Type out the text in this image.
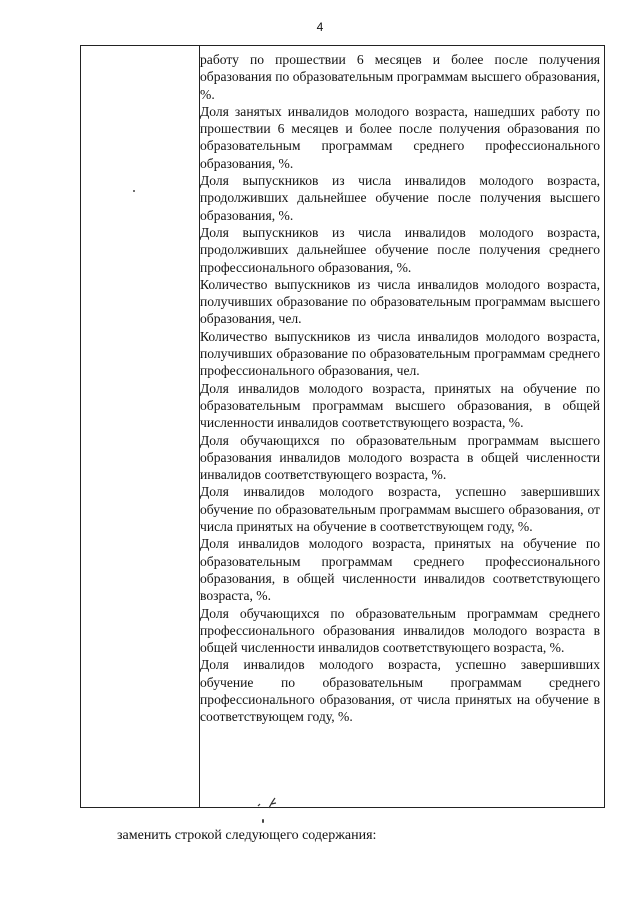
4

работу по прошествии 6 месяцев и более после получения образования по образовательным программам высшего образования, %.

Доля занятых инвалидов молодого возраста, нашедших работу по прошествии 6 месяцев и более после получения образования по образовательным программам среднего профессионального образования, %.

Доля выпускников из числа инвалидов молодого возраста, продолживших дальнейшее обучение после получения высшего образования, %.

Доля выпускников из числа инвалидов молодого возраста, продолживших дальнейшее обучение после получения среднего профессионального образования, %.

Количество выпускников из числа инвалидов молодого возраста, получивших образование по образовательным программам высшего образования, чел.

Количество выпускников из числа инвалидов молодого возраста, получивших образование по образовательным программам среднего профессионального образования, чел.

Доля инвалидов молодого возраста, принятых на обучение по образовательным программам высшего образования, в общей численности инвалидов соответствующего возраста, %.

Доля обучающихся по образовательным программам высшего образования инвалидов молодого возраста в общей численности инвалидов соответствующего возраста, %.

Доля инвалидов молодого возраста, успешно завершивших обучение по образовательным программам высшего образования, от числа принятых на обучение в соответствующем году, %.

Доля инвалидов молодого возраста, принятых на обучение по образовательным программам среднего профессионального образования, в общей численности инвалидов соответствующего возраста, %.

Доля обучающихся по образовательным программам среднего профессионального образования инвалидов молодого возраста в общей численности инвалидов соответствующего возраста, %.

Доля инвалидов молодого возраста, успешно завершивших обучение по образовательным программам среднего профессионального образования, от числа принятых на обучение в соответствующем году, %.

заменить строкой следующего содержания:
